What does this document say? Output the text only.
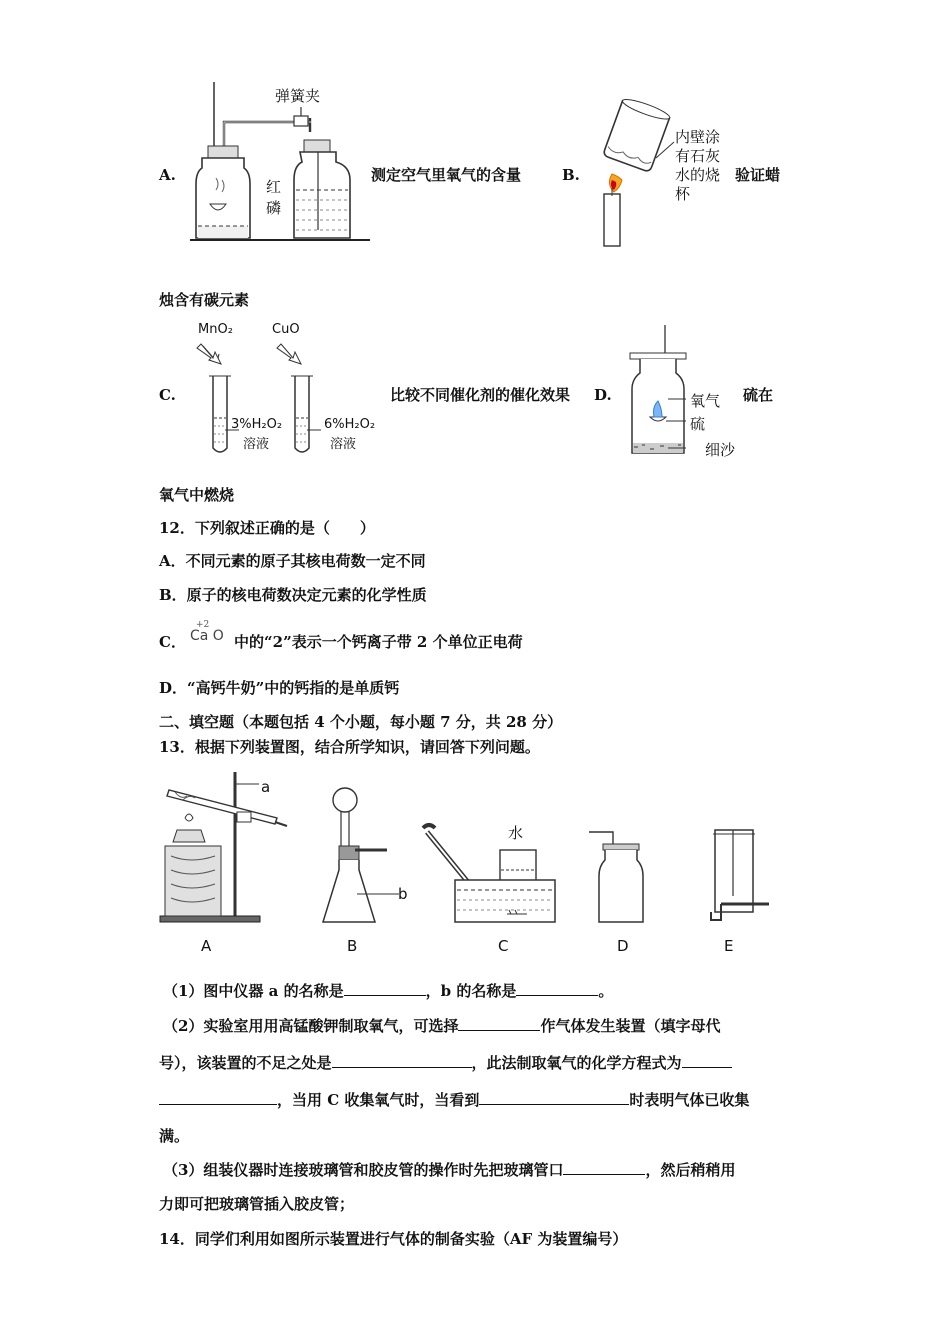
弹簧夹
红
磷
A.	测定空气里氧气的含量
内壁涂
有石灰
水的烧
杯
B.	验证蜡
烛含有碳元素
MnO₂	CuO
3%H₂O₂
溶液
6%H₂O₂
溶液
C.	比较不同催化剂的催化效果 D.	氧气
硫
细沙
硫在
氧气中燃烧
12．下列叙述正确的是（　　）
A．不同元素的原子其核电荷数一定不同
B．原子的核电荷数决定元素的化学性质
C．
+2
Ca O 中的“2”表示一个钙离子带 2 个单位正电荷
D．“高钙牛奶”中的钙指的是单质钙
二、填空题（本题包括 4 个小题，每小题 7 分，共 28 分）
13．根据下列装置图，结合所学知识，请回答下列问题。
a
b
水
A	B	C	D	E
（1）图中仪器 a 的名称是	，b 的名称是	。
（2）实验室用用高锰酸钾制取氧气，可选择	作气体发生装置（填字母代
号），该装置的不足之处是	，此法制取氧气的化学方程式为
，当用 C 收集氧气时，当看到	时表明气体已收集
满。
（3）组装仪器时连接玻璃管和胶皮管的操作时先把玻璃管口	，然后稍稍用
力即可把玻璃管插入胶皮管；
14．同学们利用如图所示装置进行气体的制备实验（AF 为装置编号）
